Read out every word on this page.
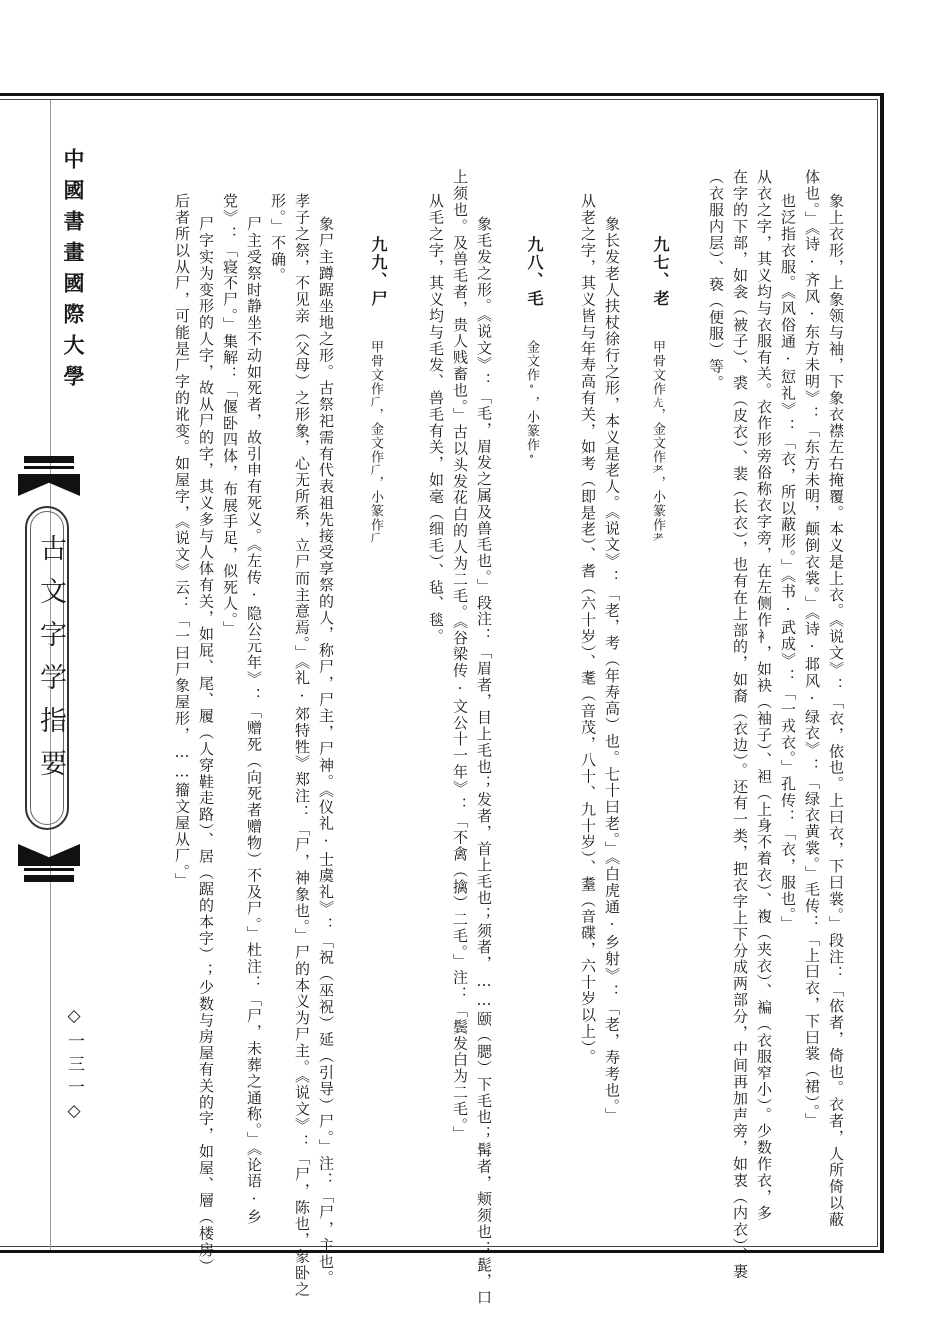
中國書畫國際大學
古文字学指要
◇一三一◇	象上衣形，上象领与袖，下象衣襟左右掩覆。本义是上衣。《说文》：「衣，依也。上曰衣，下曰裳。」段注：「依者，倚也。衣者，人所倚以蔽
体也。」《诗·齐风·东方未明》：「东方未明，颠倒衣裳。」《诗·邶风·绿衣》：「绿衣黄裳。」毛传：「上曰衣，下曰裳（裙）。」
也泛指衣服。《风俗通·愆礼》：「衣，所以蔽形。」《书·武成》：「一戎衣。」孔传：「衣，服也。」
从衣之字，其义均与衣服有关。衣作形旁俗称衣字旁，在左侧作衤，如袂（袖子）、袒（上身不着衣）、複（夹衣）、褊（衣服窄小）。少数作衣，多
在字的下部，如衾（被子）、裘（皮衣）、裴（长衣），也有在上部的，如裔（衣边）。还有一类，把衣字上下分成两部分，中间再加声旁，如衷（内衣）、裹
（衣服内层）、亵（便服）等。
九七、老
甲骨文作𠑷，金文作耂，小篆作耂
象长发老人扶杖徐行之形，本义是老人。《说文》：「老，考（年寿高）也。七十曰老。」《白虎通·乡射》：「老，寿考也。」
从老之字，其义皆与年寿高有关，如考（即是老）、耆（六十岁）、耄（音茂，八十、九十岁）、耋（音碟，六十岁以上）。
九八、毛
金文作ᐤ，小篆作ᐤ
象毛发之形。《说文》：「毛，眉发之属及兽毛也。」段注：「眉者，目上毛也；发者，首上毛也；须者，……颐（腮）下毛也；髯者，颊须也；髭，口
上须也。及兽毛者，贵人贱畜也。」古以头发花白的人为二毛。《谷梁传·文公十一年》：「不禽（擒）二毛。」注：「鬓发白为二毛。」
从毛之字，其义均与毛发、兽毛有关，如毫（细毛）、毡、毯。
九九、尸
甲骨文作𠂆，金文作𠂆，小篆作𠂆
象尸主蹲踞坐地之形。古祭祀需有代表祖先接受享祭的人，称尸，尸主，尸神。《仪礼·士虞礼》：「祝（巫祝）延（引导）尸。」注：「尸，主也。
孝子之祭，不见亲（父母）之形象，心无所系，立尸而主意焉。」《礼·郊特牲》郑注：「尸，神象也。」尸的本义为尸主。《说文》：「尸，陈也，象卧之
形。」不确。
尸主受祭时静坐不动如死者，故引申有死义。《左传·隐公元年》：「赠死（向死者赠物）不及尸。」杜注：「尸，未葬之通称。」《论语·乡
党》：「寝不尸。」集解：「偃卧四体，布展手足，似死人。」
尸字实为变形的人字，故从尸的字，其义多与人体有关，如屁、尾、履（人穿鞋走路）、居（踞的本字）；少数与房屋有关的字，如屋、層（楼房）
后者所以从尸，可能是厂字的讹变。如屋字，《说文》云：「一曰尸象屋形，……籀文屋从厂。」
